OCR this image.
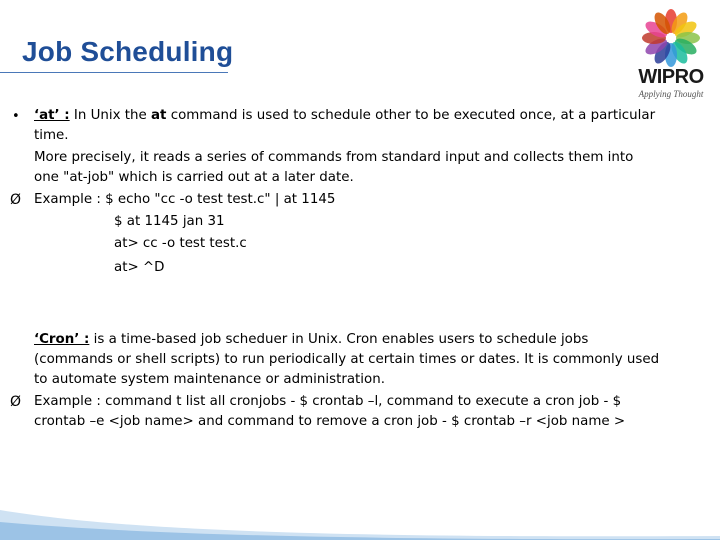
Job Scheduling
WIPRO
Applying Thought
• ‘at’ : In Unix the at command is used to schedule other to be executed once, at a particular
time.
More precisely, it reads a series of commands from standard input and collects them into
one "at-job" which is carried out at a later date.
Ø Example : $ echo "cc -o test test.c" | at 1145
$ at 1145 jan 31
at> cc -o test test.c
at> ^D
‘Cron’ : is a time-based job scheduer in Unix. Cron enables users to schedule jobs
(commands or shell scripts) to run periodically at certain times or dates. It is commonly used
to automate system maintenance or administration.
Ø Example : command t list all cronjobs - $ crontab –l, command to execute a cron job - $
crontab –e <job name> and command to remove a cron job - $ crontab –r <job name >
